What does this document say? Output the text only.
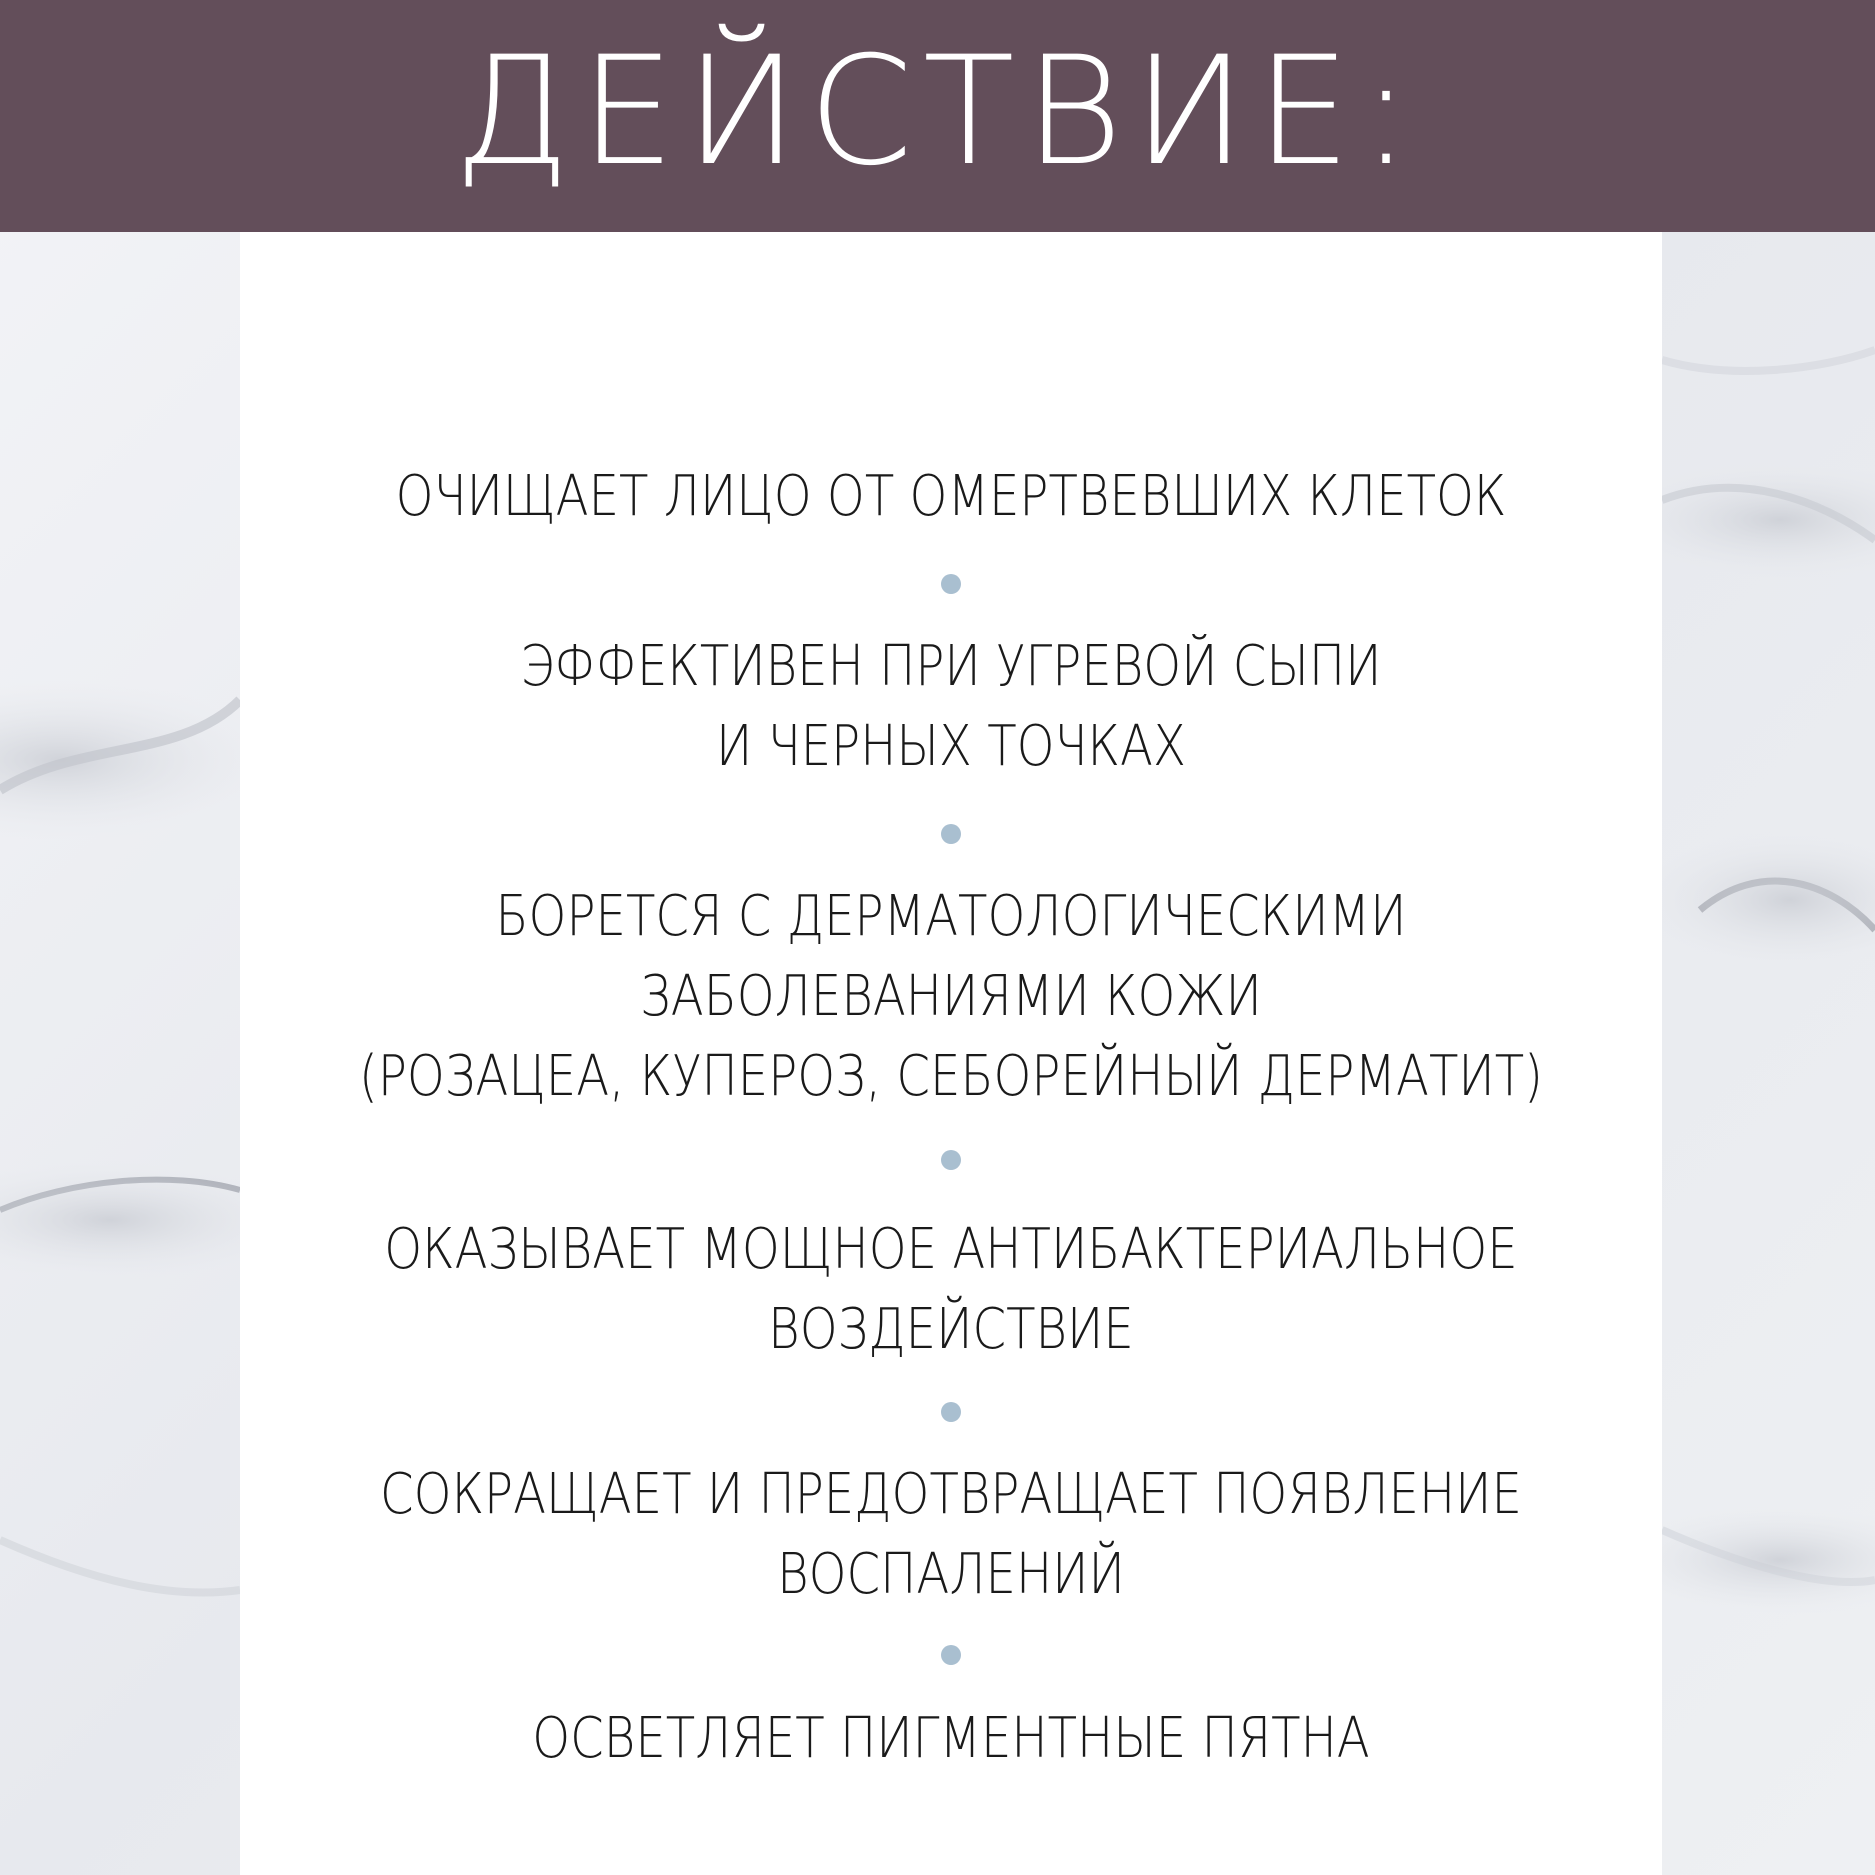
ДЕЙСТВИЕ:
ОЧИЩАЕТ ЛИЦО ОТ ОМЕРТВЕВШИХ КЛЕТОК
ЭФФЕКТИВЕН ПРИ УГРЕВОЙ СЫПИ
И ЧЕРНЫХ ТОЧКАХ
БОРЕТСЯ С ДЕРМАТОЛОГИЧЕСКИМИ
ЗАБОЛЕВАНИЯМИ КОЖИ
(РОЗАЦЕА, КУПЕРОЗ, СЕБОРЕЙНЫЙ ДЕРМАТИТ)
ОКАЗЫВАЕТ МОЩНОЕ АНТИБАКТЕРИАЛЬНОЕ
ВОЗДЕЙСТВИЕ
СОКРАЩАЕТ И ПРЕДОТВРАЩАЕТ ПОЯВЛЕНИЕ
ВОСПАЛЕНИЙ
ОСВЕТЛЯЕТ ПИГМЕНТНЫЕ ПЯТНА
